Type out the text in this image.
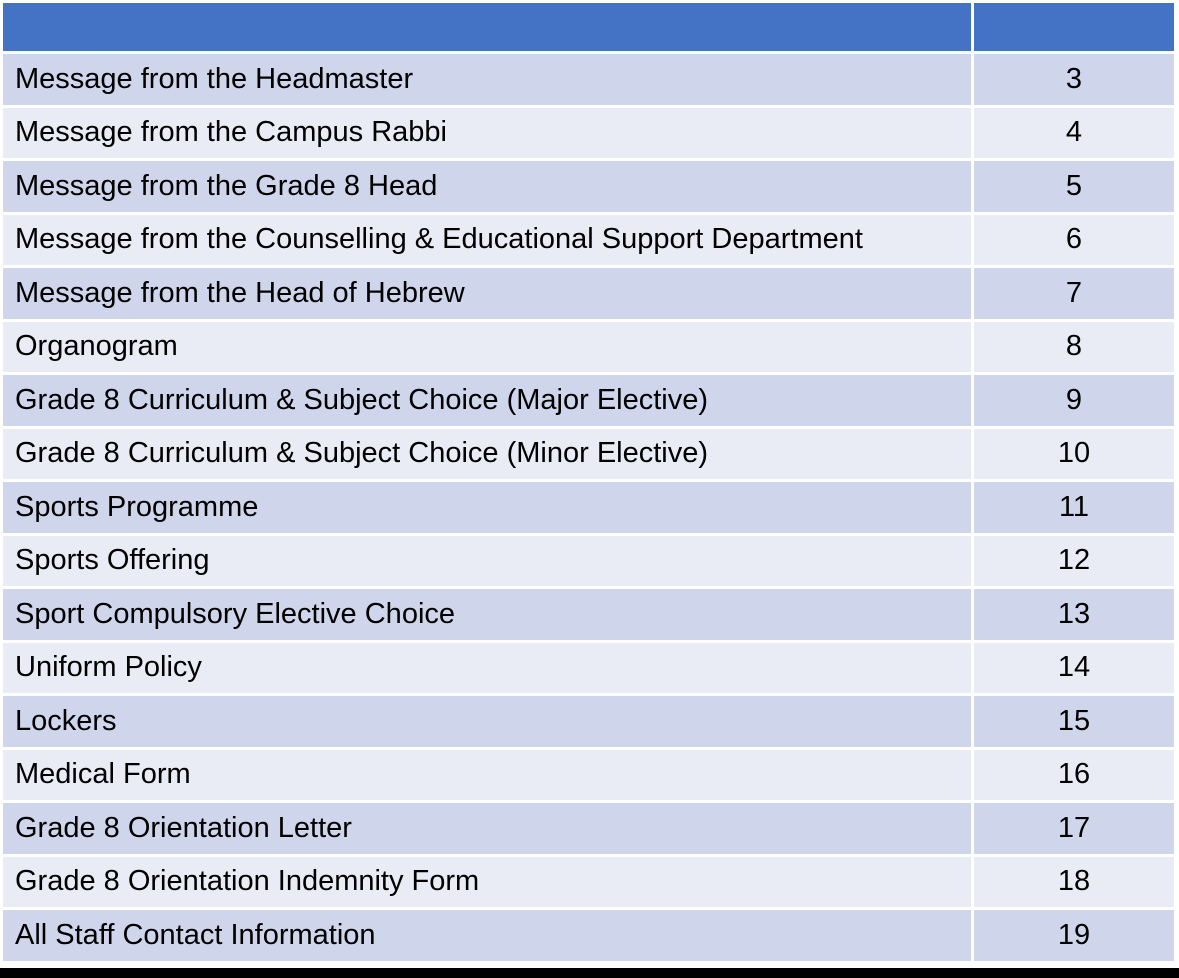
Message from the Headmaster	3
Message from the Campus Rabbi	4
Message from the Grade 8 Head	5
Message from the Counselling & Educational Support Department	6
Message from the Head of Hebrew	7
Organogram	8
Grade 8 Curriculum & Subject Choice (Major Elective)	9
Grade 8 Curriculum & Subject Choice (Minor Elective)	10
Sports Programme	11
Sports Offering	12
Sport Compulsory Elective Choice	13
Uniform Policy	14
Lockers	15
Medical Form	16
Grade 8 Orientation Letter	17
Grade 8 Orientation Indemnity Form	18
All Staff Contact Information	19
